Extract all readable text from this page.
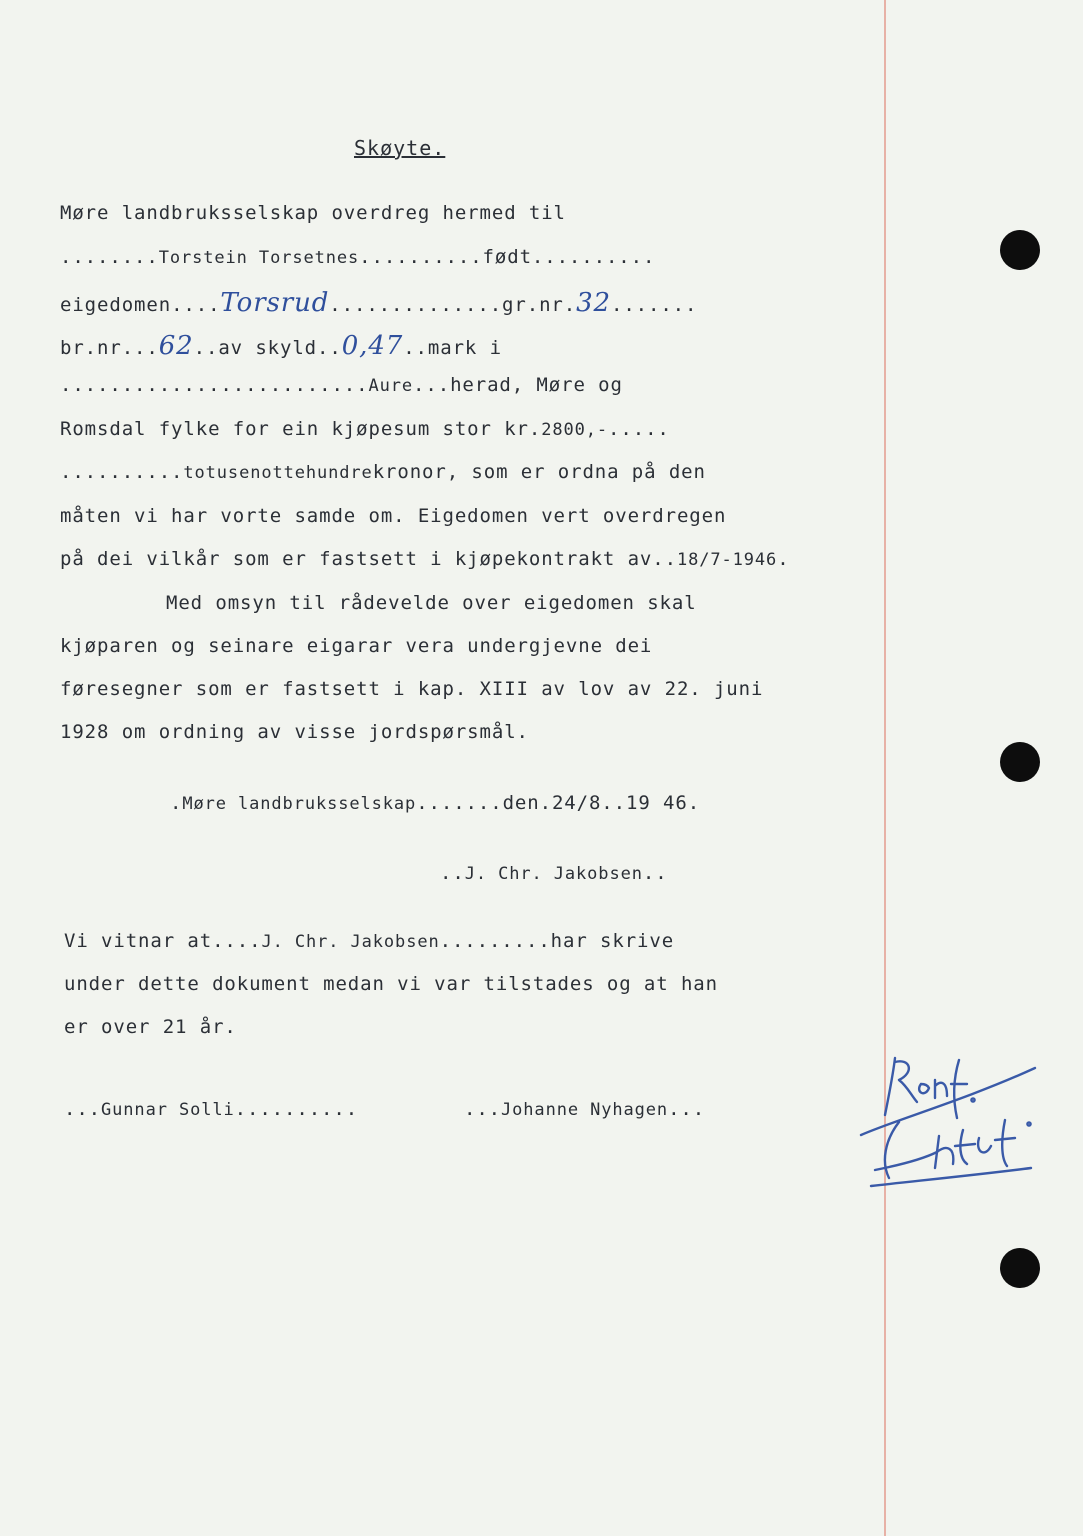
Skøyte.
Møre landbruksselskap overdreg hermed til
........Torstein Torsetnes..........født..........
eigedomen....Torsrud..............gr.nr.32.......
br.nr...62..av skyld..0,47..mark i
.........................Aure...herad, Møre og
Romsdal fylke for ein kjøpesum stor kr.2800,-.....
..........totusenottehundrekronor, som er ordna på den
måten vi har vorte samde om. Eigedomen vert overdregen
på dei vilkår som er fastsett i kjøpekontrakt av..18/7-1946.
Med omsyn til rådevelde over eigedomen skal
kjøparen og seinare eigarar vera undergjevne dei
føresegner som er fastsett i kap. XIII av lov av 22. juni
1928 om ordning av visse jordspørsmål.
.Møre landbruksselskap.......den.24/8..19 46.
..J. Chr. Jakobsen..
Vi vitnar at....J. Chr. Jakobsen.........har skrive
under dette dokument medan vi var tilstades og at han
er over 21 år.
...Gunnar Solli..........	...Johanne Nyhagen...
